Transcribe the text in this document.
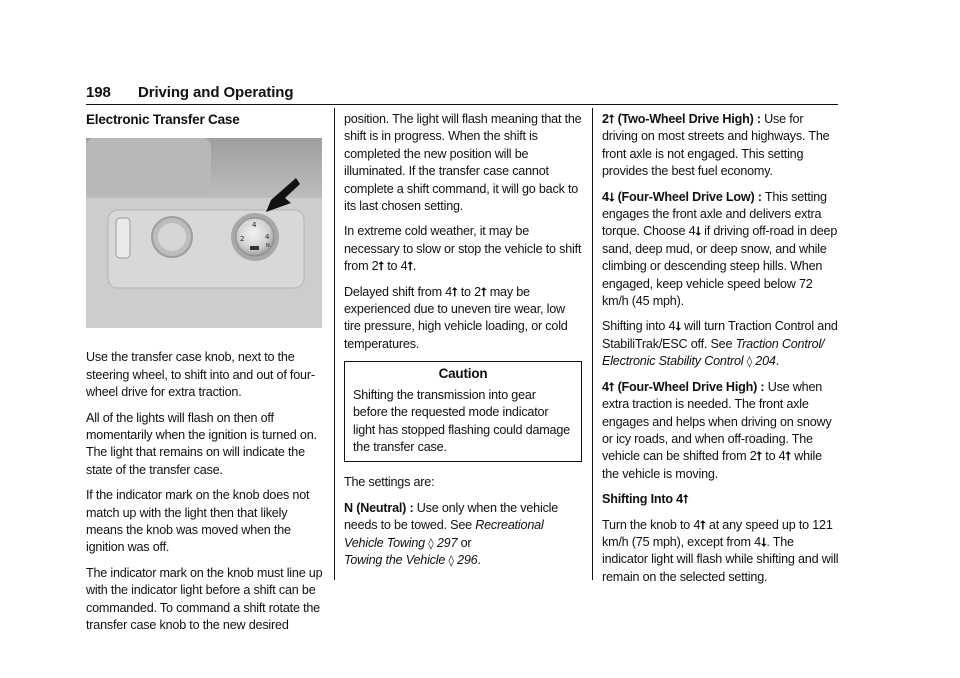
198 Driving and Operating

Electronic Transfer Case

2
4
4
N

Use the transfer case knob, next to the steering wheel, to shift into and out of four-wheel drive for extra traction.

All of the lights will flash on then off momentarily when the ignition is turned on. The light that remains on will indicate the state of the transfer case.

If the indicator mark on the knob does not match up with the light then that likely means the knob was moved when the ignition was off.

The indicator mark on the knob must line up with the indicator light before a shift can be commanded. To command a shift rotate the transfer case knob to the new desired

position. The light will flash meaning that the shift is in progress. When the shift is completed the new position will be illuminated. If the transfer case cannot complete a shift command, it will go back to its last chosen setting.

In extreme cold weather, it may be necessary to slow or stop the vehicle to shift from 2⭡ to 4⭡.

Delayed shift from 4⭡ to 2⭡ may be experienced due to uneven tire wear, low tire pressure, high vehicle loading, or cold temperatures.

Caution
Shifting the transmission into gear before the requested mode indicator light has stopped flashing could damage the transfer case.

The settings are:

N (Neutral) : Use only when the vehicle needs to be towed. See Recreational Vehicle Towing ◊ 297 or
Towing the Vehicle ◊ 296.

2⭡ (Two-Wheel Drive High) : Use for driving on most streets and highways. The front axle is not engaged. This setting provides the best fuel economy.

4⭣ (Four-Wheel Drive Low) : This setting engages the front axle and delivers extra torque. Choose 4⭣ if driving off-road in deep sand, deep mud, or deep snow, and while climbing or descending steep hills. When engaged, keep vehicle speed below 72 km/h (45 mph).

Shifting into 4⭣ will turn Traction Control and StabiliTrak/ESC off. See Traction Control/ Electronic Stability Control ◊ 204.

4⭡ (Four-Wheel Drive High) : Use when extra traction is needed. The front axle engages and helps when driving on snowy or icy roads, and when off-roading. The vehicle can be shifted from 2⭡ to 4⭡ while the vehicle is moving.

Shifting Into 4⭡

Turn the knob to 4⭡ at any speed up to 121 km/h (75 mph), except from 4⭣. The indicator light will flash while shifting and will remain on the selected setting.
